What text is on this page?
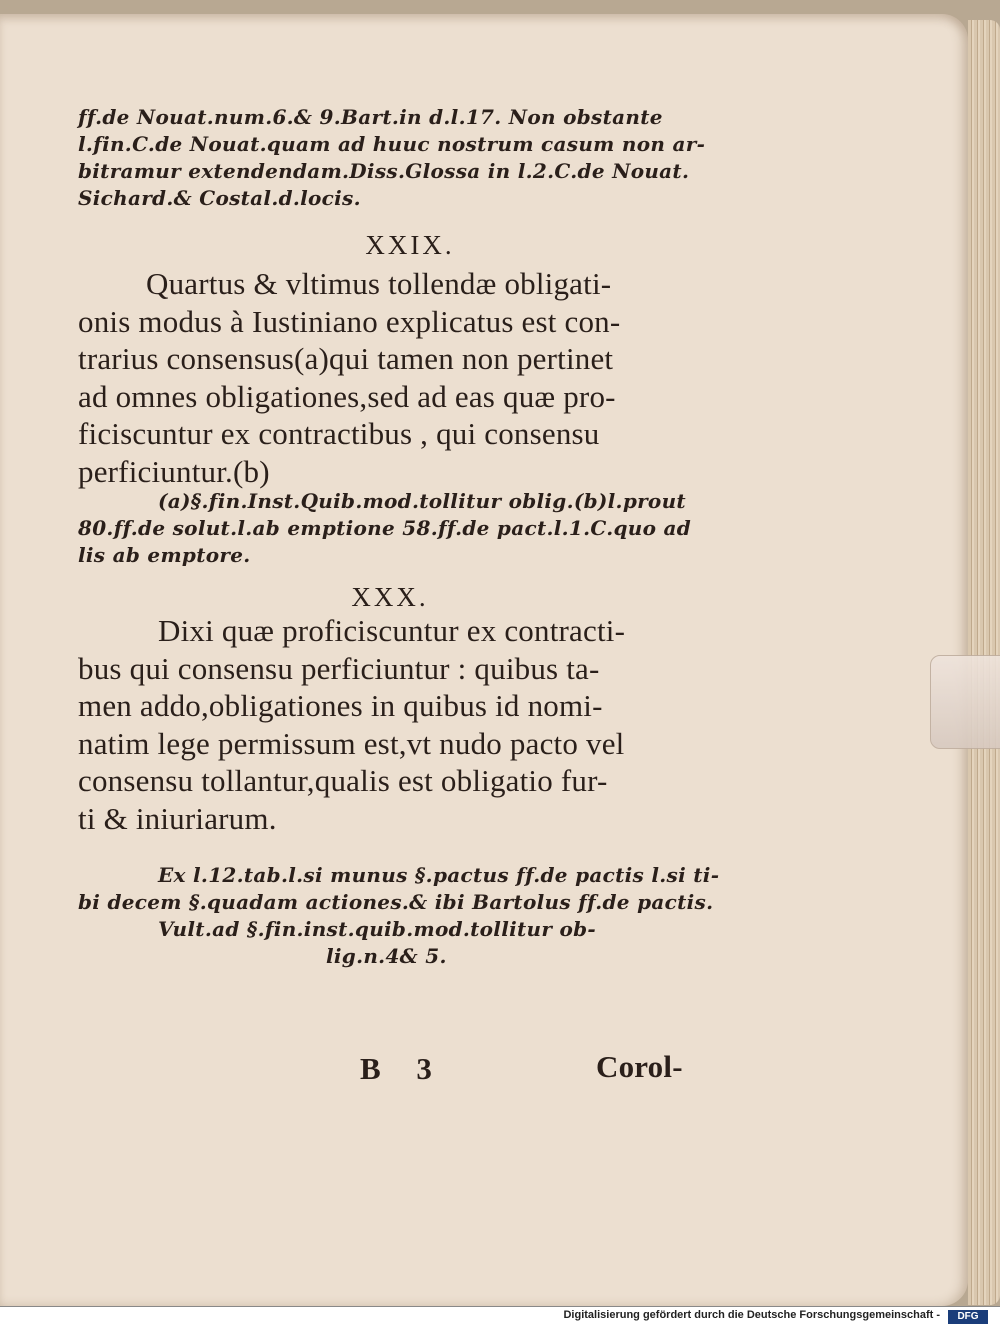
ff.de Nouat.num.6.& 9.Bart.in d.l.17. Non obstante
l.fin.C.de Nouat.quam ad huuc nostrum casum non ar-
bitramur extendendam.Diss.Glossa in l.2.C.de Nouat.
Sichard.& Costal.d.locis.
XXIX.
Quartus & vltimus tollendæ obligati-
onis modus à Iustiniano explicatus est con-
trarius consensus(a)qui tamen non pertinet
ad omnes obligationes,sed ad eas quæ pro-
ficiscuntur ex contractibus , qui consensu
perficiuntur.(b)
(a)§.fin.Inst.Quib.mod.tollitur oblig.(b)l.prout
80.ff.de solut.l.ab emptione 58.ff.de pact.l.1.C.quo ad
lis ab emptore.
XXX.
Dixi quæ proficiscuntur ex contracti-
bus qui consensu perficiuntur : quibus ta-
men addo,obligationes in quibus id nomi-
natim lege permissum est,vt nudo pacto vel
consensu tollantur,qualis est obligatio fur-
ti & iniuriarum.
Ex l.12.tab.l.si munus §.pactus ff.de pactis l.si ti-
bi decem §.quadam actiones.& ibi Bartolus ff.de pactis.
Vult.ad §.fin.inst.quib.mod.tollitur ob-
lig.n.4& 5.
B 3	Corol-
Digitalisierung gefördert durch die Deutsche Forschungsgemeinschaft -	DFG
